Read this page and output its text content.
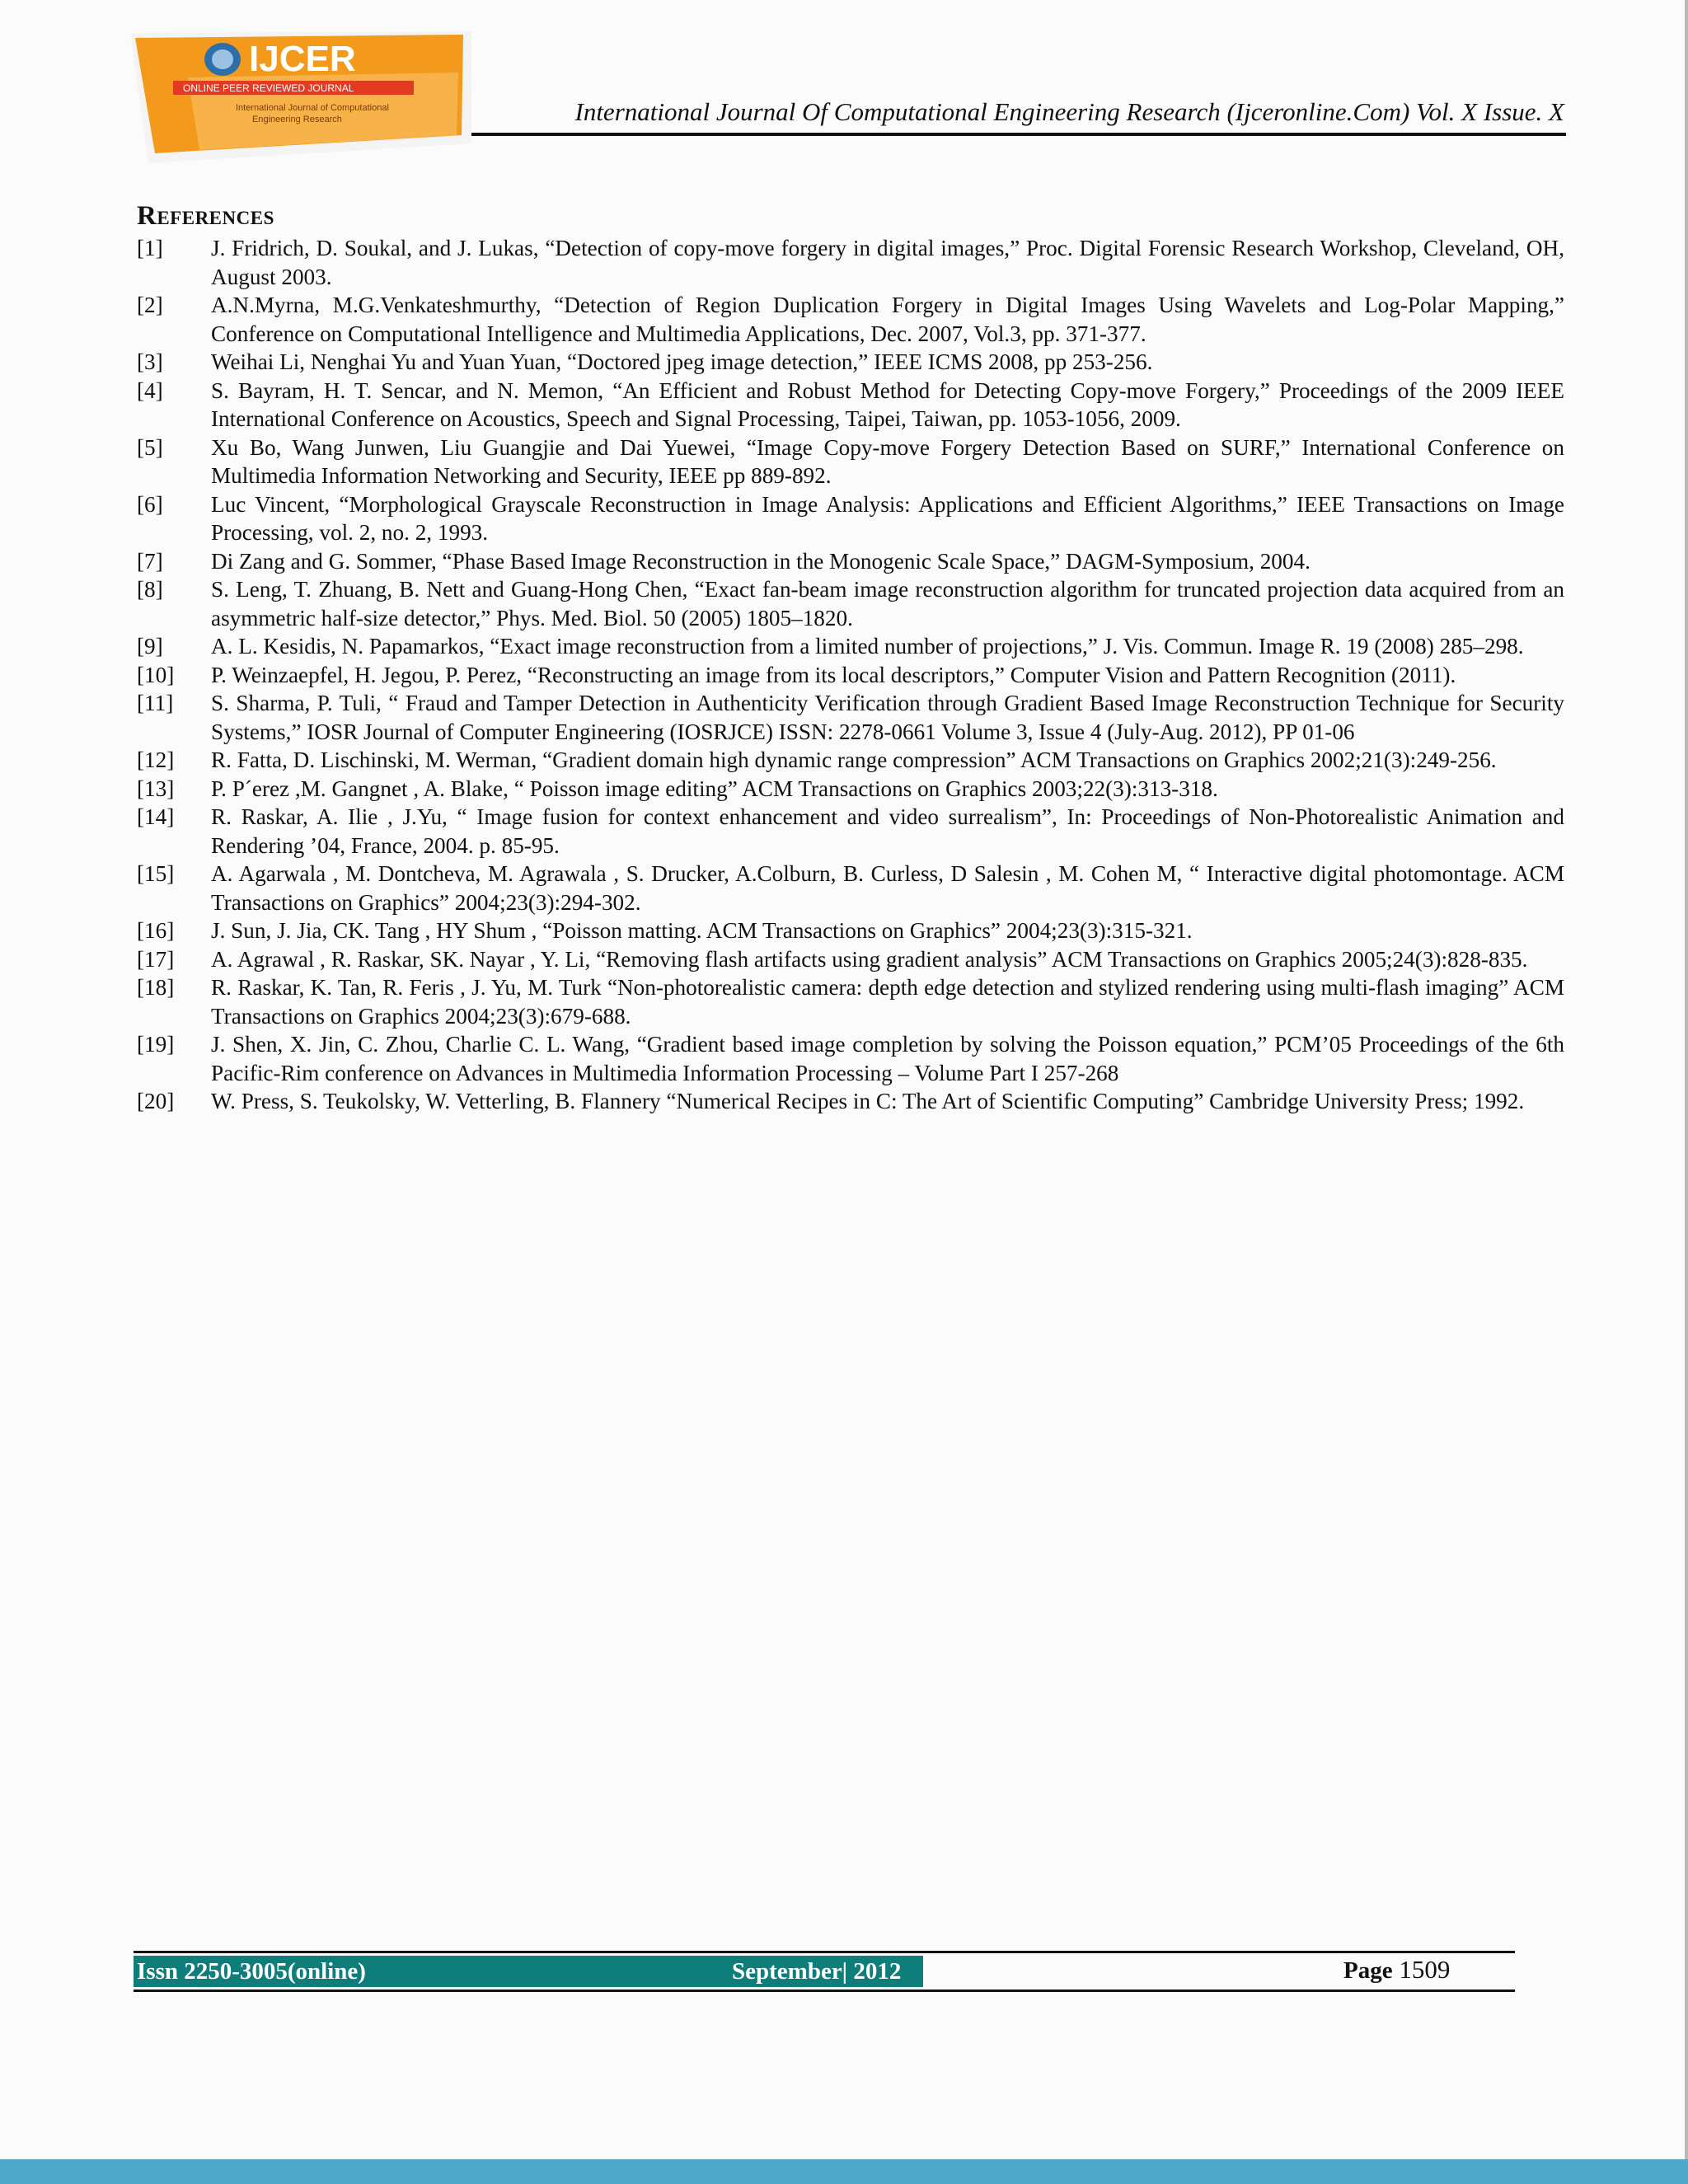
IJCER
ONLINE PEER REVIEWED JOURNAL
International Journal of Computational
Engineering Research	International Journal Of Computational Engineering Research (Ijceronline.Com) Vol. X Issue. X
References
[1] J. Fridrich, D. Soukal, and J. Lukas, “Detection of copy-move forgery in digital images,” Proc. Digital Forensic Research Workshop, Cleveland, OH, August 2003.
[2] A.N.Myrna, M.G.Venkateshmurthy, “Detection of Region Duplication Forgery in Digital Images Using Wavelets and Log-Polar Mapping,” Conference on Computational Intelligence and Multimedia Applications, Dec. 2007, Vol.3, pp. 371-377.
[3] Weihai Li, Nenghai Yu and Yuan Yuan, “Doctored jpeg image detection,” IEEE ICMS 2008, pp 253-256.
[4] S. Bayram, H. T. Sencar, and N. Memon, “An Efficient and Robust Method for Detecting Copy-move Forgery,” Proceedings of the 2009 IEEE International Conference on Acoustics, Speech and Signal Processing, Taipei, Taiwan, pp. 1053-1056, 2009.
[5] Xu Bo, Wang Junwen, Liu Guangjie and Dai Yuewei, “Image Copy-move Forgery Detection Based on SURF,” International Conference on Multimedia Information Networking and Security, IEEE pp 889-892.
[6] Luc Vincent, “Morphological Grayscale Reconstruction in Image Analysis: Applications and Efficient Algorithms,” IEEE Transactions on Image Processing, vol. 2, no. 2, 1993.
[7] Di Zang and G. Sommer, “Phase Based Image Reconstruction in the Monogenic Scale Space,” DAGM-Symposium, 2004.
[8] S. Leng, T. Zhuang, B. Nett and Guang-Hong Chen, “Exact fan-beam image reconstruction algorithm for truncated projection data acquired from an asymmetric half-size detector,” Phys. Med. Biol. 50 (2005) 1805–1820.
[9] A. L. Kesidis, N. Papamarkos, “Exact image reconstruction from a limited number of projections,” J. Vis. Commun. Image R. 19 (2008) 285–298.
[10] P. Weinzaepfel, H. Jegou, P. Perez, “Reconstructing an image from its local descriptors,” Computer Vision and Pattern Recognition (2011).
[11] S. Sharma, P. Tuli, “ Fraud and Tamper Detection in Authenticity Verification through Gradient Based Image Reconstruction Technique for Security Systems,” IOSR Journal of Computer Engineering (IOSRJCE) ISSN: 2278-0661 Volume 3, Issue 4 (July-Aug. 2012), PP 01-06
[12] R. Fatta, D. Lischinski, M. Werman, “Gradient domain high dynamic range compression” ACM Transactions on Graphics 2002;21(3):249-256.
[13] P. P´erez ,M. Gangnet , A. Blake, “ Poisson image editing” ACM Transactions on Graphics 2003;22(3):313-318.
[14] R. Raskar, A. Ilie , J.Yu, “ Image fusion for context enhancement and video surrealism”, In: Proceedings of Non-Photorealistic Animation and Rendering ’04, France, 2004. p. 85-95.
[15] A. Agarwala , M. Dontcheva, M. Agrawala , S. Drucker, A.Colburn, B. Curless, D Salesin , M. Cohen M, “ Interactive digital photomontage. ACM Transactions on Graphics” 2004;23(3):294-302.
[16] J. Sun, J. Jia, CK. Tang , HY Shum , “Poisson matting. ACM Transactions on Graphics” 2004;23(3):315-321.
[17] A. Agrawal , R. Raskar, SK. Nayar , Y. Li, “Removing flash artifacts using gradient analysis” ACM Transactions on Graphics 2005;24(3):828-835.
[18] R. Raskar, K. Tan, R. Feris , J. Yu, M. Turk “Non-photorealistic camera: depth edge detection and stylized rendering using multi-flash imaging” ACM Transactions on Graphics 2004;23(3):679-688.
[19] J. Shen, X. Jin, C. Zhou, Charlie C. L. Wang, “Gradient based image completion by solving the Poisson equation,” PCM’05 Proceedings of the 6th Pacific-Rim conference on Advances in Multimedia Information Processing – Volume Part I 257-268
[20] W. Press, S. Teukolsky, W. Vetterling, B. Flannery “Numerical Recipes in C: The Art of Scientific Computing” Cambridge University Press; 1992.
Issn 2250-3005(online)	September| 2012	Page 1509
